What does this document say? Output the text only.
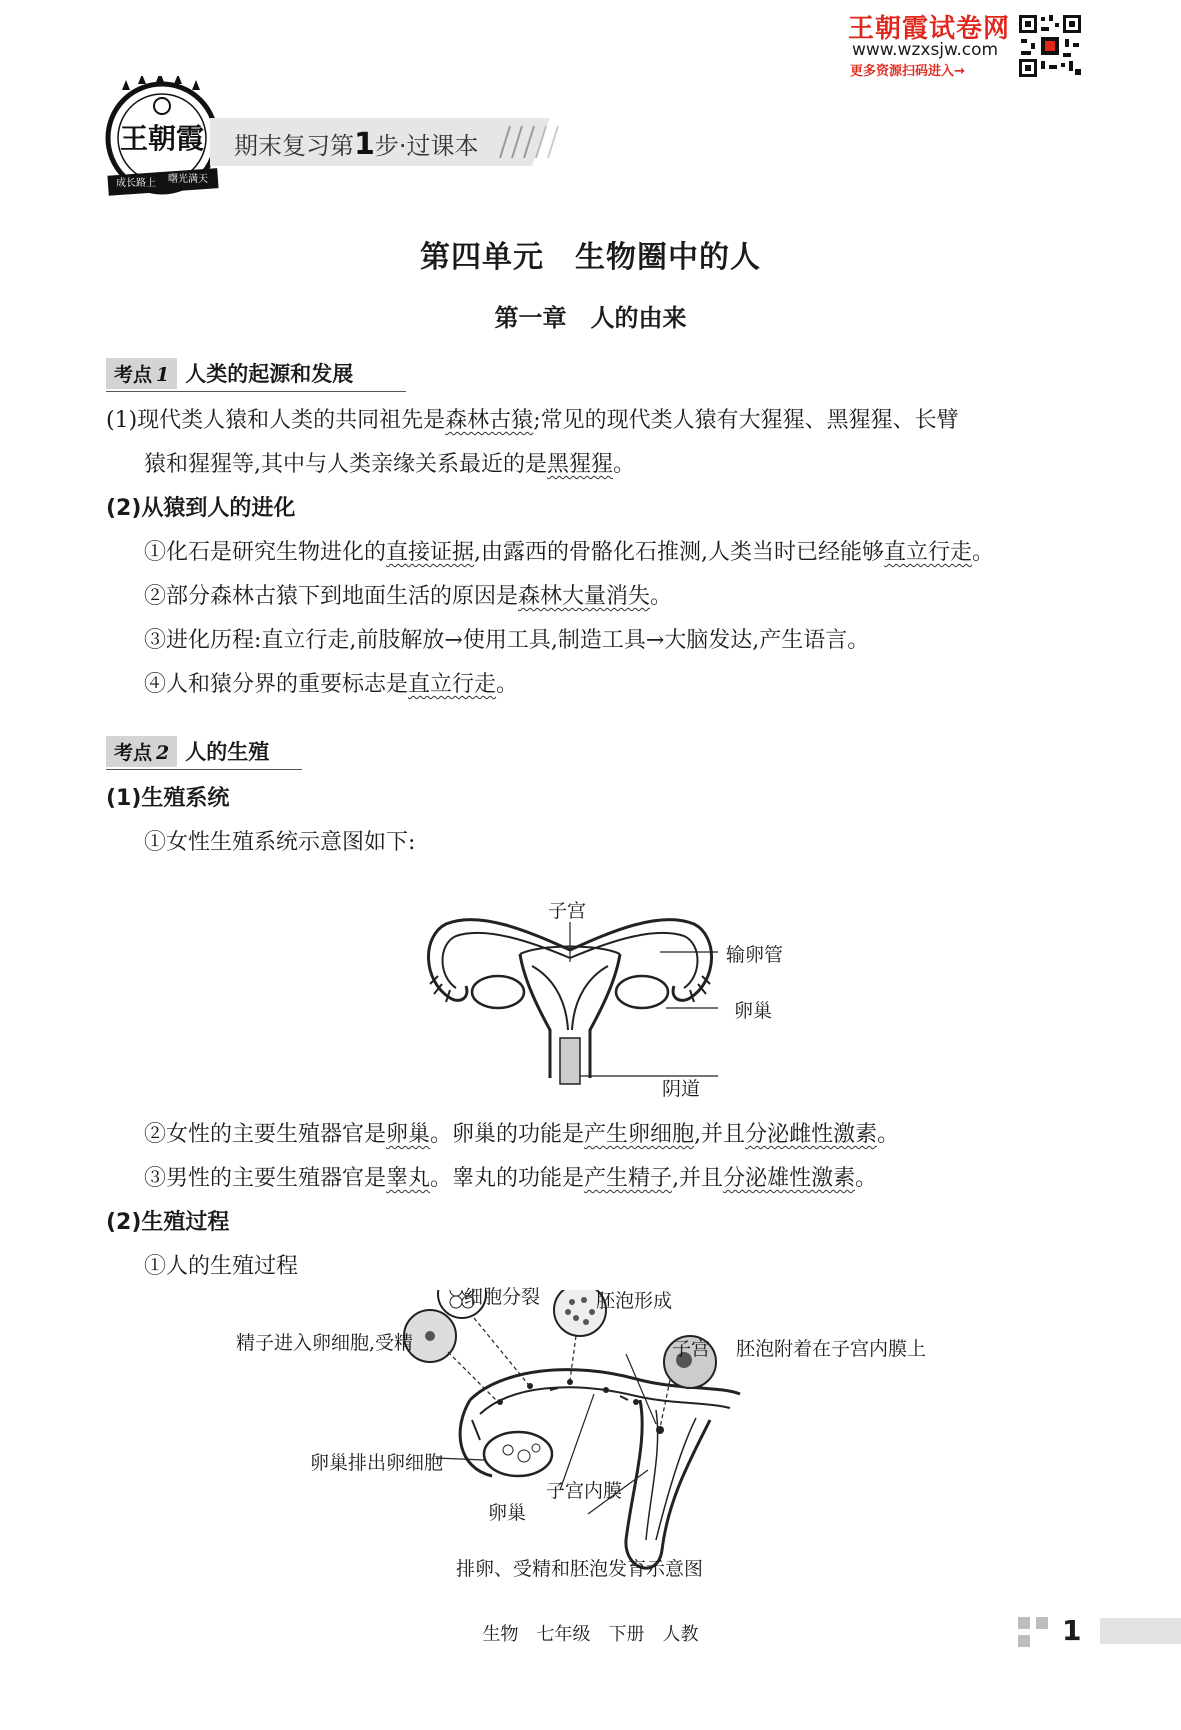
王朝霞试卷网
www.wzxsjw.com
更多资源扫码进入→
王朝霞
成长路上 曙光满天
期末复习第1步·过课本
第四单元　生物圈中的人
第一章　人的由来
考点 1 人类的起源和发展
(1)现代类人猿和人类的共同祖先是森林古猿;常见的现代类人猿有大猩猩、黑猩猩、长臂
猿和猩猩等,其中与人类亲缘关系最近的是黑猩猩。
(2)从猿到人的进化
①化石是研究生物进化的直接证据,由露西的骨骼化石推测,人类当时已经能够直立行走。
②部分森林古猿下到地面生活的原因是森林大量消失。
③进化历程:直立行走,前肢解放→使用工具,制造工具→大脑发达,产生语言。
④人和猿分界的重要标志是直立行走。
考点 2 人的生殖
(1)生殖系统
①女性生殖系统示意图如下:
子宫
输卵管
卵巢
阴道
②女性的主要生殖器官是卵巢。卵巢的功能是产生卵细胞,并且分泌雌性激素。
③男性的主要生殖器官是睾丸。睾丸的功能是产生精子,并且分泌雄性激素。
(2)生殖过程
①人的生殖过程
细胞分裂	胚泡形成
精子进入卵细胞,受精	子宫 胚泡附着在子宫内膜上
卵巢排出卵细胞
卵巢
子宫内膜
排卵、受精和胚泡发育示意图
生物　七年级　下册　人教	1
